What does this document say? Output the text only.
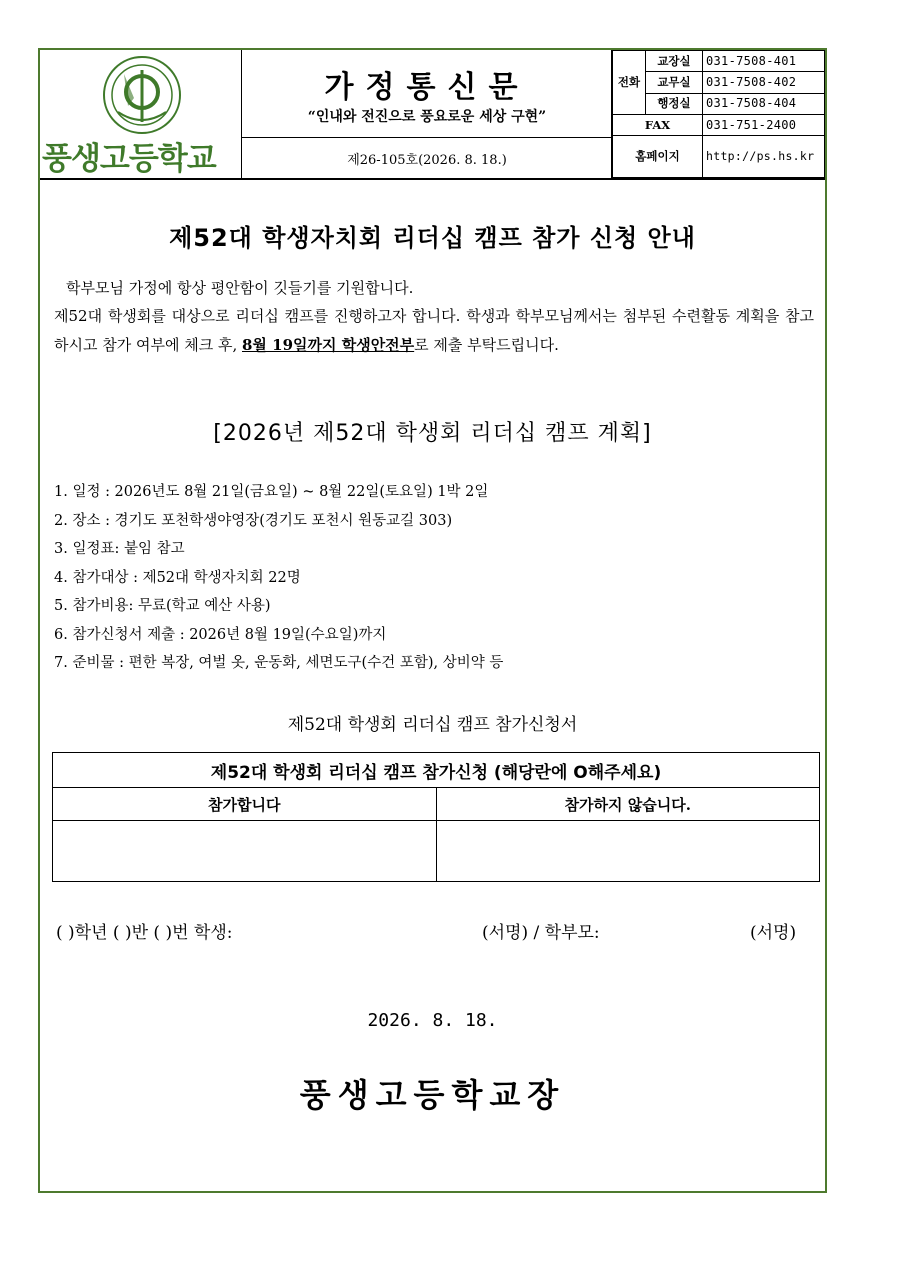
풍생고등학교
가정통신문
“인내와 전진으로 풍요로운 세상 구현”
제26-105호(2026. 8. 18.)
전화	교장실	031-7508-401
	교무실	031-7508-402
	행정실	031-7508-404
FAX		031-751-2400
홈페이지		http://ps.hs.kr
제52대 학생자치회 리더십 캠프 참가 신청 안내
학부모님 가정에 항상 평안함이 깃들기를 기원합니다.
제52대 학생회를 대상으로 리더십 캠프를 진행하고자 합니다. 학생과 학부모님께서는 첨부된 수련활동 계획을 참고하시고 참가 여부에 체크 후, 8월 19일까지 학생안전부로 제출 부탁드립니다.
[2026년 제52대 학생회 리더십 캠프 계획]
1. 일정 : 2026년도 8월 21일(금요일) ~ 8월 22일(토요일) 1박 2일
2. 장소 : 경기도 포천학생야영장(경기도 포천시 원동교길 303)
3. 일정표: 붙임 참고
4. 참가대상 : 제52대 학생자치회 22명
5. 참가비용: 무료(학교 예산 사용)
6. 참가신청서 제출 : 2026년 8월 19일(수요일)까지
7. 준비물 : 편한 복장, 여벌 옷, 운동화, 세면도구(수건 포함), 상비약 등
제52대 학생회 리더십 캠프 참가신청서
제52대 학생회 리더십 캠프 참가신청 (해당란에 O해주세요)	
참가합니다	참가하지 않습니다.

( )학년 ( )반 ( )번 학생:	(서명) / 학부모:	(서명)
2026. 8. 18.
풍생고등학교장
